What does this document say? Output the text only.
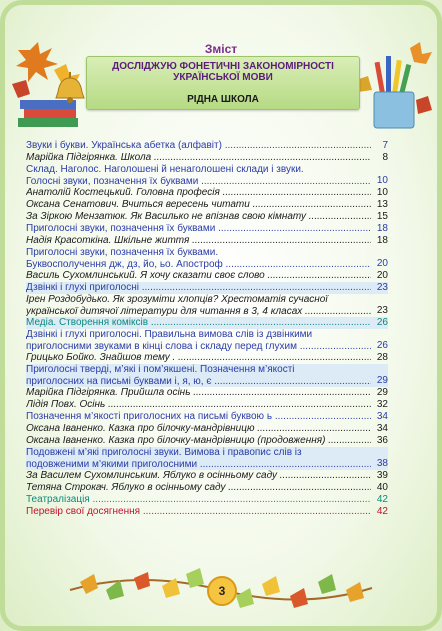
Зміст
ДОСЛІДЖУЮ ФОНЕТИЧНІ ЗАКОНОМІРНОСТІ
УКРАЇНСЬКОЇ МОВИ
РІДНА ШКОЛА
Звуки і букви. Українська абетка (алфавіт) .....	7
Марійка Підгірянка. Школа .....	8
Склад. Наголос. Наголошені й ненаголошені склади і звуки.
Голосні звуки, позначення їх буквами .....	10
Анатолій Костецький. Головна професія .....	10
Оксана Сенатович. Вчиться вересень читати .....	13
За Зіркою Мензатюк. Як Василько не впізнав свою кімнату .....	15
Приголосні звуки, позначення їх буквами .....	18
Надія Красоткіна. Шкільне життя .....	18
Приголосні звуки, позначення їх буквами.
Буквосполучення дж, дз, йо, ьо. Апостроф .....	20
Василь Сухомлинський. Я хочу сказати своє слово .....	20
Дзвінкі і глухі приголосні .....	23
Ірен Роздобудько. Як зрозуміти хлопців? Хрестоматія сучасної
української дитячої літератури для читання в 3, 4 класах .....	23
Медіа. Створення коміксів .....	26
Дзвінкі і глухі приголосні. Правильна вимова слів із дзвінкими
приголосними звуками в кінці слова і складу перед глухим .....	26
Грицько Бойко. Знайшов тему . .....	28
Приголосні тверді, м’які і пом’якшені. Позначення м’якості
приголосних на письмі буквами і, я, ю, є .....	29
Марійка Підгірянка. Прийшла осінь .....	29
Лідія Повх. Осінь .....	32
Позначення м’якості приголосних на письмі буквою ь .....	34
Оксана Іваненко. Казка про білочку-мандрівницю .....	34
Оксана Іваненко. Казка про білочку-мандрівницю (продовження) .....	36
Подовжені м’які приголосні звуки. Вимова і правопис слів із
подовженими м’якими приголосними .....	38
За Василем Сухомлинським. Яблуко в осінньому саду .....	39
Тетяна Строкач. Яблуко в осінньому саду .....	40
Театралізація .....	42
Перевір свої досягнення .....	42
3
